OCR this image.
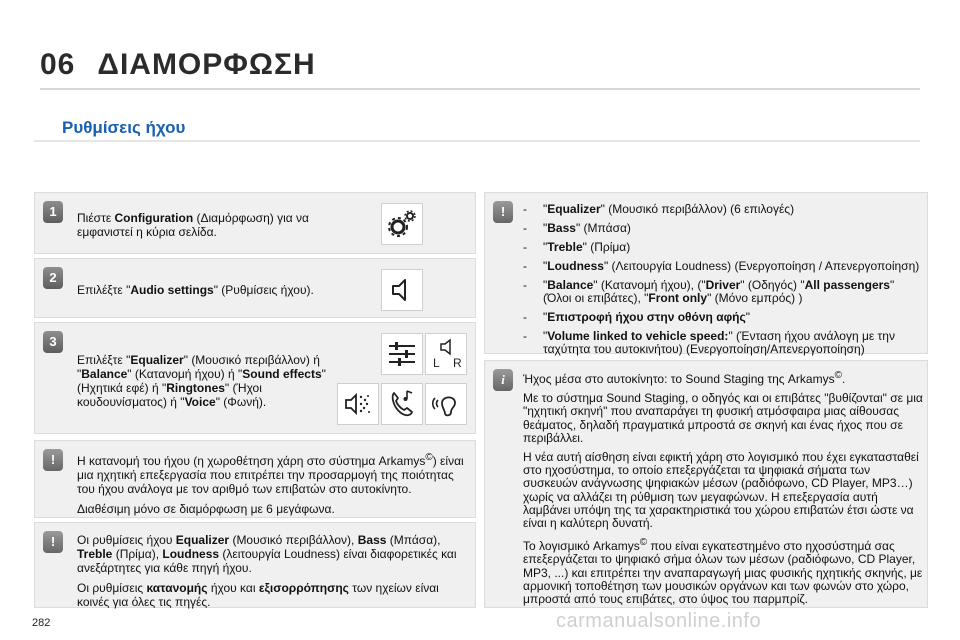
06 ΔΙΑΜΟΡΦΩΣΗ
Ρυθμίσεις ήχου
1	Πιέστε Configuration (Διαμόρφωση) για να εμφανιστεί η κύρια σελίδα.
2
Επιλέξτε "Audio settings" (Ρυθμίσεις ήχου).
3
Επιλέξτε "Equalizer" (Μουσικό περιβάλλον) ή "Balance" (Κατανομή ήχου) ή "Sound effects" (Ηχητικά εφέ) ή "Ringtones" (Ήχοι κουδουνίσματος) ή "Voice" (Φωνή).
L R
!	Η κατανομή του ήχου (η χωροθέτηση χάρη στο σύστημα Arkamys©) είναι μια ηχητική επεξεργασία που επιτρέπει την προσαρμογή της ποιότητας του ήχου ανάλογα με τον αριθμό των επιβατών στο αυτοκίνητο.

Διαθέσιμη μόνο σε διαμόρφωση με 6 μεγάφωνα.

!	Οι ρυθμίσεις ήχου Equalizer (Μουσικό περιβάλλον), Bass (Μπάσα), Treble (Πρίμα), Loudness (λειτουργία Loudness) είναι διαφορετικές και ανεξάρτητες για κάθε πηγή ήχου.

Οι ρυθμίσεις κατανομής ήχου και εξισορρόπησης των ηχείων είναι κοινές για όλες τις πηγές.

!
-	"Equalizer" (Μουσικό περιβάλλον) (6 επιλογές)
- "Bass" (Μπάσα)
- "Treble" (Πρίμα)
- "Loudness" (Λειτουργία Loudness) (Ενεργοποίηση / Απενεργοποίηση)
- "Balance" (Κατανομή ήχου), ("Driver" (Οδηγός) "All passengers" (Όλοι οι επιβάτες), "Front only" (Μόνο εμπρός) )
- "Επιστροφή ήχου στην οθόνη αφής"
- "Volume linked to vehicle speed:" (Ένταση ήχου ανάλογη με την ταχύτητα του αυτοκινήτου) (Ενεργοποίηση/Απενεργοποίηση)
i	Ήχος μέσα στο αυτοκίνητο: το Sound Staging της Arkamys©.

Με το σύστημα Sound Staging, ο οδηγός και οι επιβάτες "βυθίζονται" σε μια "ηχητική σκηνή" που αναπαράγει τη φυσική ατμόσφαιρα μιας αίθουσας θεάματος, δηλαδή πραγματικά μπροστά σε σκηνή και ένας ήχος που σε περιβάλλει.

Η νέα αυτή αίσθηση είναι εφικτή χάρη στο λογισμικό που έχει εγκατασταθεί στο ηχοσύστημα, το οποίο επεξεργάζεται τα ψηφιακά σήματα των συσκευών ανάγνωσης ψηφιακών μέσων (ραδιόφωνο, CD Player, MP3…) χωρίς να αλλάζει τη ρύθμιση των μεγαφώνων. Η επεξεργασία αυτή λαμβάνει υπόψη της τα χαρακτηριστικά του χώρου επιβατών έτσι ώστε να είναι η καλύτερη δυνατή.

Το λογισμικό Arkamys© που είναι εγκατεστημένο στο ηχοσύστημά σας επεξεργάζεται το ψηφιακό σήμα όλων των μέσων (ραδιόφωνο, CD Player, MP3, ...) και επιτρέπει την αναπαραγωγή μιας φυσικής ηχητικής σκηνής, με αρμονική τοποθέτηση των μουσικών οργάνων και των φωνών στο χώρο, μπροστά από τους επιβάτες, στο ύψος του παρμπρίζ.

282	carmanualsonline.info
